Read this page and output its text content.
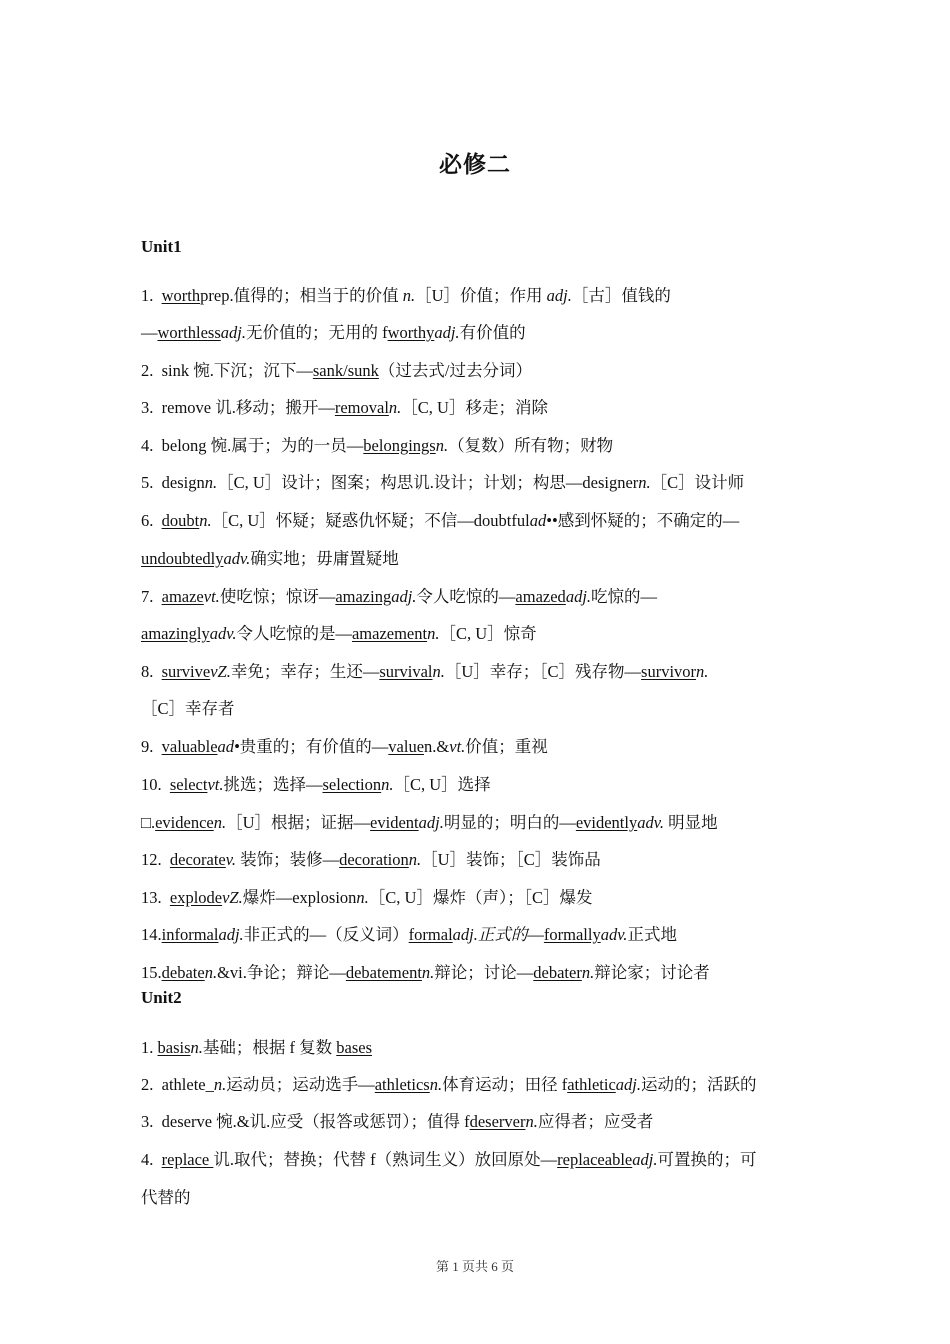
必修二
Unit1
1.  worthprep.值得的；相当于的价值 n.［U］价值；作用 adj.［古］值钱的
—worthlessadj.无价值的；无用的 fworthyadj.有价值的
2.  sink 惋.下沉；沉下—sank/sunk（过去式/过去分词）
3.  remove 讥.移动；搬开—removaln.［C, U］移走；消除
4.  belong 惋.属于；为的一员—belongingsn.（复数）所有物；财物
5.  designn.［C, U］设计；图案；构思讥.设计；计划；构思—designern.［C］设计师
6.  doubtn.［C, U］怀疑；疑惑仇怀疑；不信—doubtfulad••感到怀疑的；不确定的—
undoubtedlyadv.确实地；毋庸置疑地
7.  amazevt.使吃惊；惊讶—amazingadj.令人吃惊的—amazedadj.吃惊的—
amazinglyadv.令人吃惊的是—amazementn.［C, U］惊奇
8.  survivevZ.幸免；幸存；生还—survivaln.［U］幸存；［C］残存物—survivorn.
［C］幸存者
9.  valuablead•贵重的；有价值的—valuen.&vt.价值；重视
10.  selectvt.挑选；选择—selectionn.［C, U］选择
□.evidencen.［U］根据；证据—evidentadj.明显的；明白的—evidentlyadv. 明显地
12.  decoratev. 装饰；装修—decorationn.［U］装饰；［C］装饰品
13.  explodevZ.爆炸—explosionn.［C, U］爆炸（声）；［C］爆发
14.informaladj.非正式的—（反义词）formaladj.正式的—formallyadv.正式地
15.debaten.&vi.争论；辩论—debatementn.辩论；讨论—debatern.辩论家；讨论者
Unit2
1. basisn.基础；根据 f 复数 bases
2.  athlete_n.运动员；运动选手—athleticsn.体育运动；田径 fathleticadj.运动的；活跃的
3.  deserve 惋.&讥.应受（报答或惩罚）；值得 fdeservern.应得者；应受者
4.  replace 讥.取代；替换；代替 f（熟词生义）放回原处—replaceableadj.可置换的；可
代替的
第 1 页共 6 页
